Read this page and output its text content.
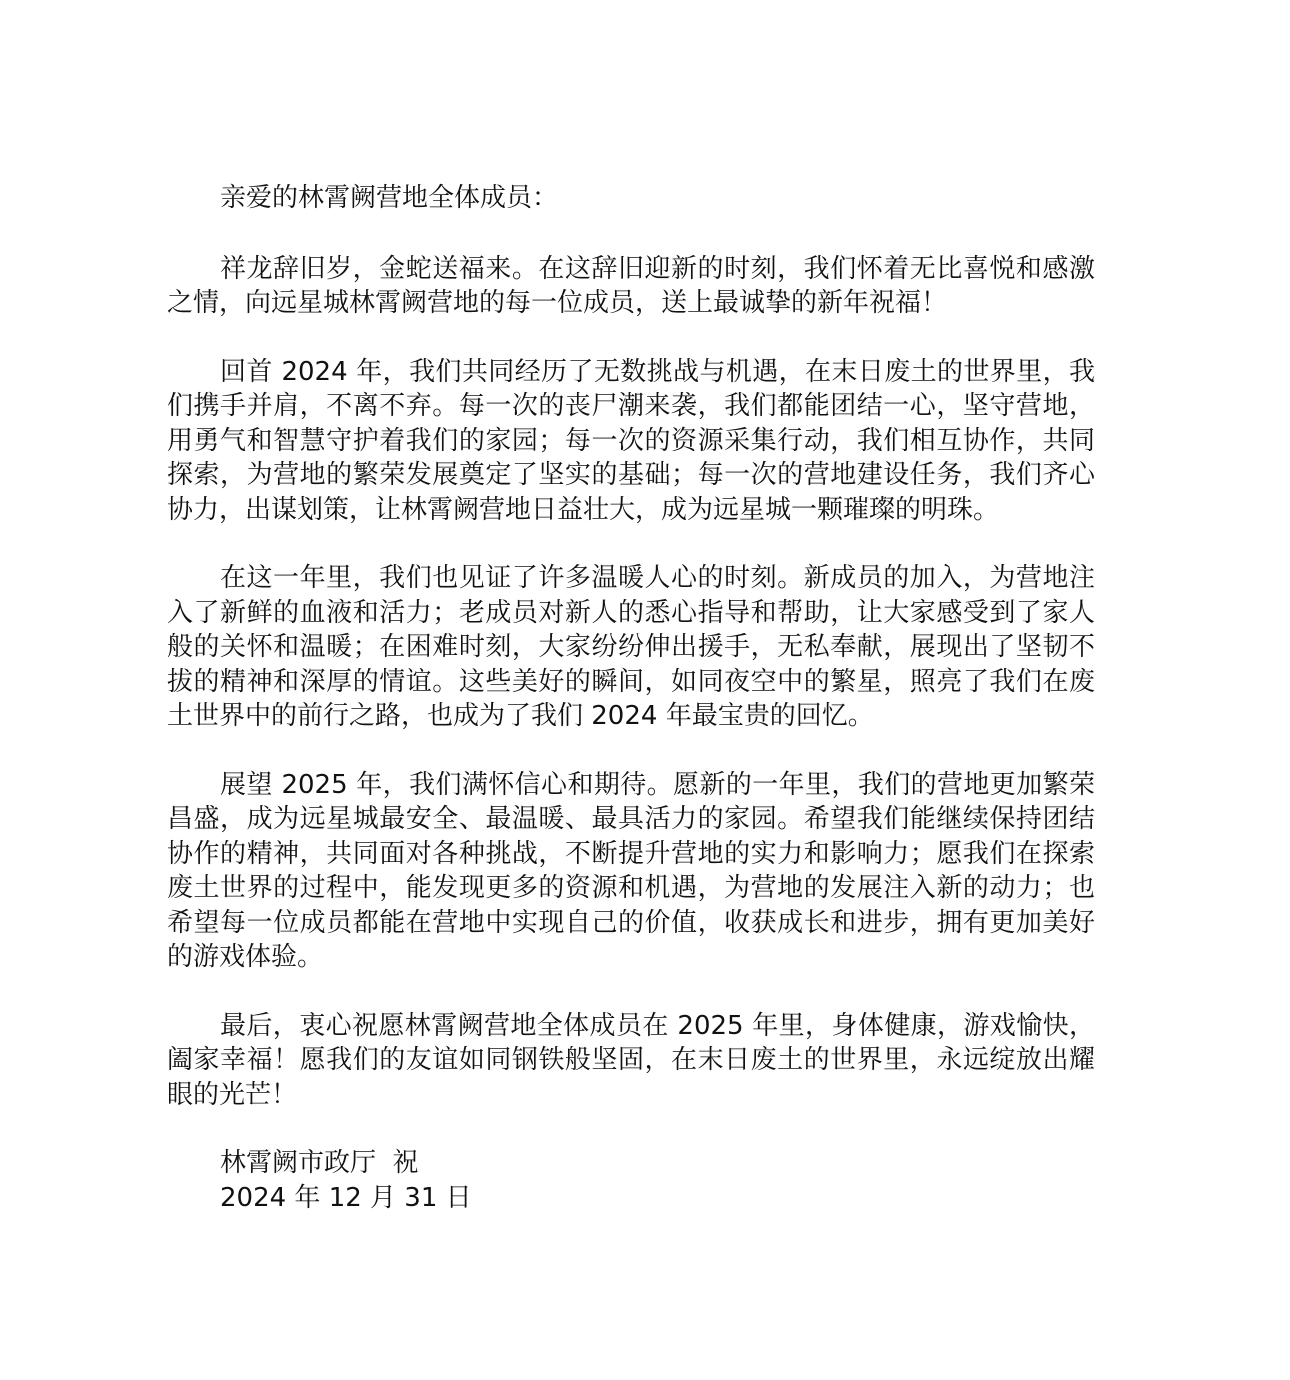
亲爱的林霄阙营地全体成员：

祥龙辞旧岁，金蛇送福来。在这辞旧迎新的时刻，我们怀着无比喜悦和感激之情，向远星城林霄阙营地的每一位成员，送上最诚挚的新年祝福！

回首 2024 年，我们共同经历了无数挑战与机遇，在末日废土的世界里，我们携手并肩，不离不弃。每一次的丧尸潮来袭，我们都能团结一心，坚守营地，用勇气和智慧守护着我们的家园；每一次的资源采集行动，我们相互协作，共同探索，为营地的繁荣发展奠定了坚实的基础；每一次的营地建设任务，我们齐心协力，出谋划策，让林霄阙营地日益壮大，成为远星城一颗璀璨的明珠。

在这一年里，我们也见证了许多温暖人心的时刻。新成员的加入，为营地注入了新鲜的血液和活力；老成员对新人的悉心指导和帮助，让大家感受到了家人般的关怀和温暖；在困难时刻，大家纷纷伸出援手，无私奉献，展现出了坚韧不拔的精神和深厚的情谊。这些美好的瞬间，如同夜空中的繁星，照亮了我们在废土世界中的前行之路，也成为了我们 2024 年最宝贵的回忆。

展望 2025 年，我们满怀信心和期待。愿新的一年里，我们的营地更加繁荣昌盛，成为远星城最安全、最温暖、最具活力的家园。希望我们能继续保持团结协作的精神，共同面对各种挑战，不断提升营地的实力和影响力；愿我们在探索废土世界的过程中，能发现更多的资源和机遇，为营地的发展注入新的动力；也希望每一位成员都能在营地中实现自己的价值，收获成长和进步，拥有更加美好的游戏体验。

最后，衷心祝愿林霄阙营地全体成员在 2025 年里，身体健康，游戏愉快，阖家幸福！愿我们的友谊如同钢铁般坚固，在末日废土的世界里，永远绽放出耀眼的光芒！

林霄阙市政厅  祝

2024 年 12 月 31 日
